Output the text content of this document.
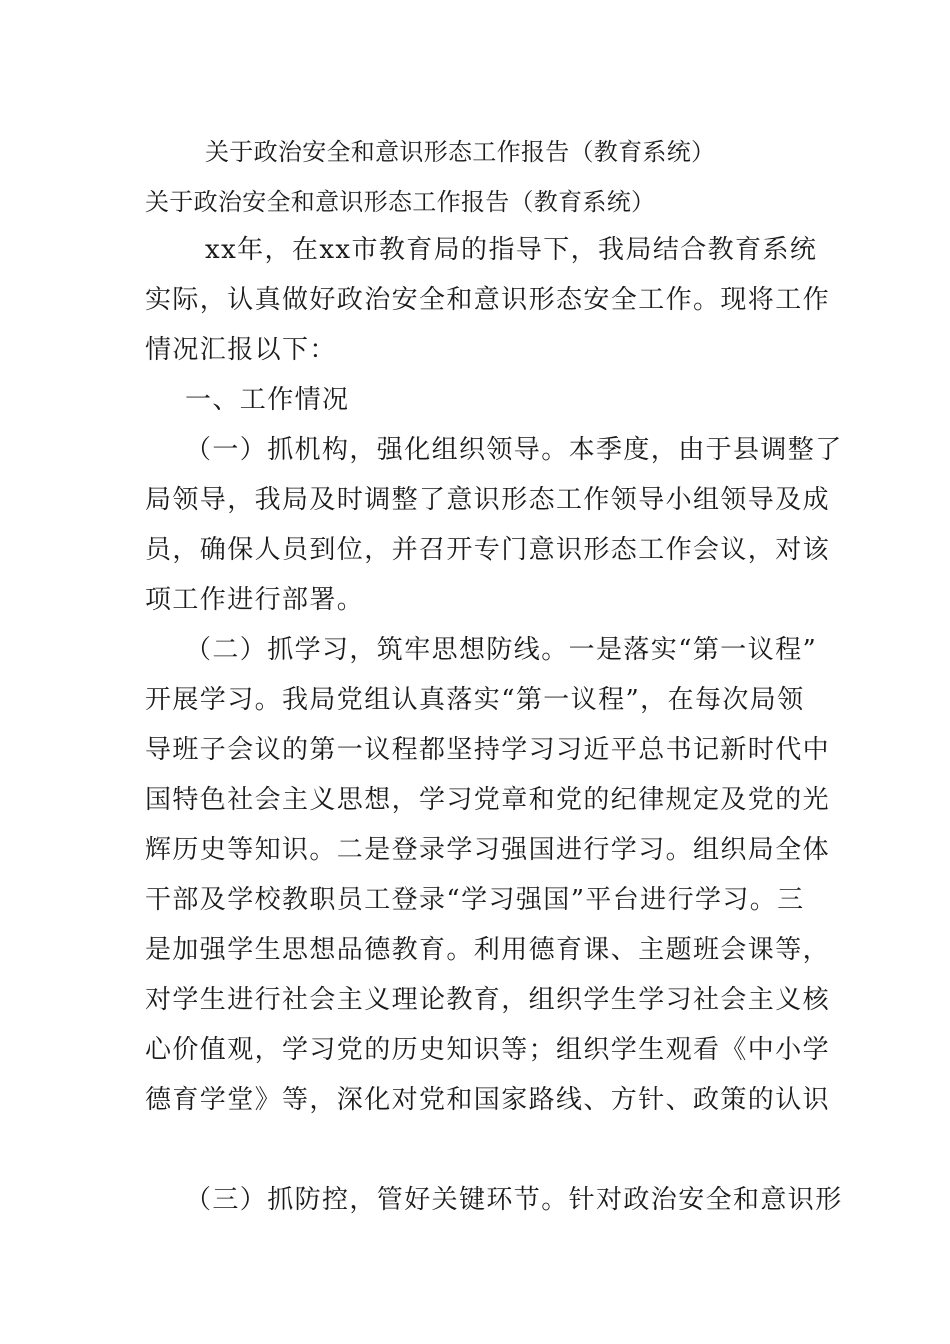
关于政治安全和意识形态工作报告（教育系统）
关于政治安全和意识形态工作报告（教育系统）
xx年，在xx市教育局的指导下，我局结合教育系统
实际，认真做好政治安全和意识形态安全工作。现将工作
情况汇报以下：
一、工作情况
（一）抓机构，强化组织领导。本季度，由于县调整了
局领导，我局及时调整了意识形态工作领导小组领导及成
员，确保人员到位，并召开专门意识形态工作会议，对该
项工作进行部署。
（二）抓学习，筑牢思想防线。一是落实“第一议程”
开展学习。我局党组认真落实“第一议程”，在每次局领
导班子会议的第一议程都坚持学习习近平总书记新时代中
国特色社会主义思想，学习党章和党的纪律规定及党的光
辉历史等知识。二是登录学习强国进行学习。组织局全体
干部及学校教职员工登录“学习强国”平台进行学习。三
是加强学生思想品德教育。利用德育课、主题班会课等，
对学生进行社会主义理论教育，组织学生学习社会主义核
心价值观，学习党的历史知识等；组织学生观看《中小学
德育学堂》等，深化对党和国家路线、方针、政策的认识
（三）抓防控，管好关键环节。针对政治安全和意识形
